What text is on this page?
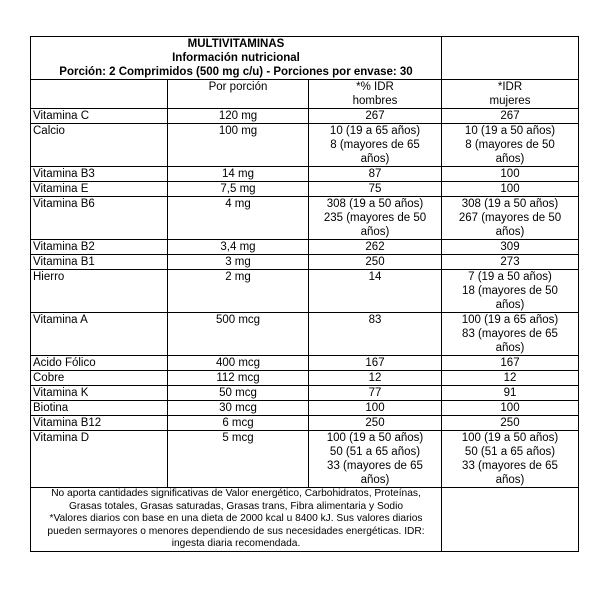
MULTIVITAMINAS
Información nutricional
Porción: 2 Comprimidos (500 mg c/u) - Porciones por envase: 30			

	Por porción	*% IDR
hombres	*IDR
mujeres

Vitamina C	120 mg	267	267

Calcio	100 mg	10 (19 a 65 años)
8 (mayores de 65
años)	10 (19 a 50 años)
8 (mayores de 50
años)

Vitamina B3	14 mg	87	100

Vitamina E	7,5 mg	75	100

Vitamina B6	4 mg	308 (19 a 50 años)
235 (mayores de 50
años)	308 (19 a 50 años)
267 (mayores de 50
años)

Vitamina B2	3,4 mg	262	309

Vitamina B1	3 mg	250	273

Hierro	2 mg	14	7 (19 a 50 años)
18 (mayores de 50
años)

Vitamina A	500 mcg	83	100 (19 a 65 años)
83 (mayores de 65
años)

Acido Fólico	400 mcg	167	167

Cobre	112 mcg	12	12

Vitamina K	50 mcg	77	91

Biotina	30 mcg	100	100

Vitamina B12	6 mcg	250	250

Vitamina D	5 mcg	100 (19 a 50 años)
50 (51 a 65 años)
33 (mayores de 65
años)	100 (19 a 50 años)
50 (51 a 65 años)
33 (mayores de 65
años)

No aporta cantidades significativas de Valor energético, Carbohidratos, Proteínas,
Grasas totales, Grasas saturadas, Grasas trans, Fibra alimentaria y Sodio
*Valores diarios con base en una dieta de 2000 kcal u 8400 kJ. Sus valores diarios
pueden sermayores o menores dependiendo de sus necesidades energéticas. IDR:
ingesta diaria recomendada.			
